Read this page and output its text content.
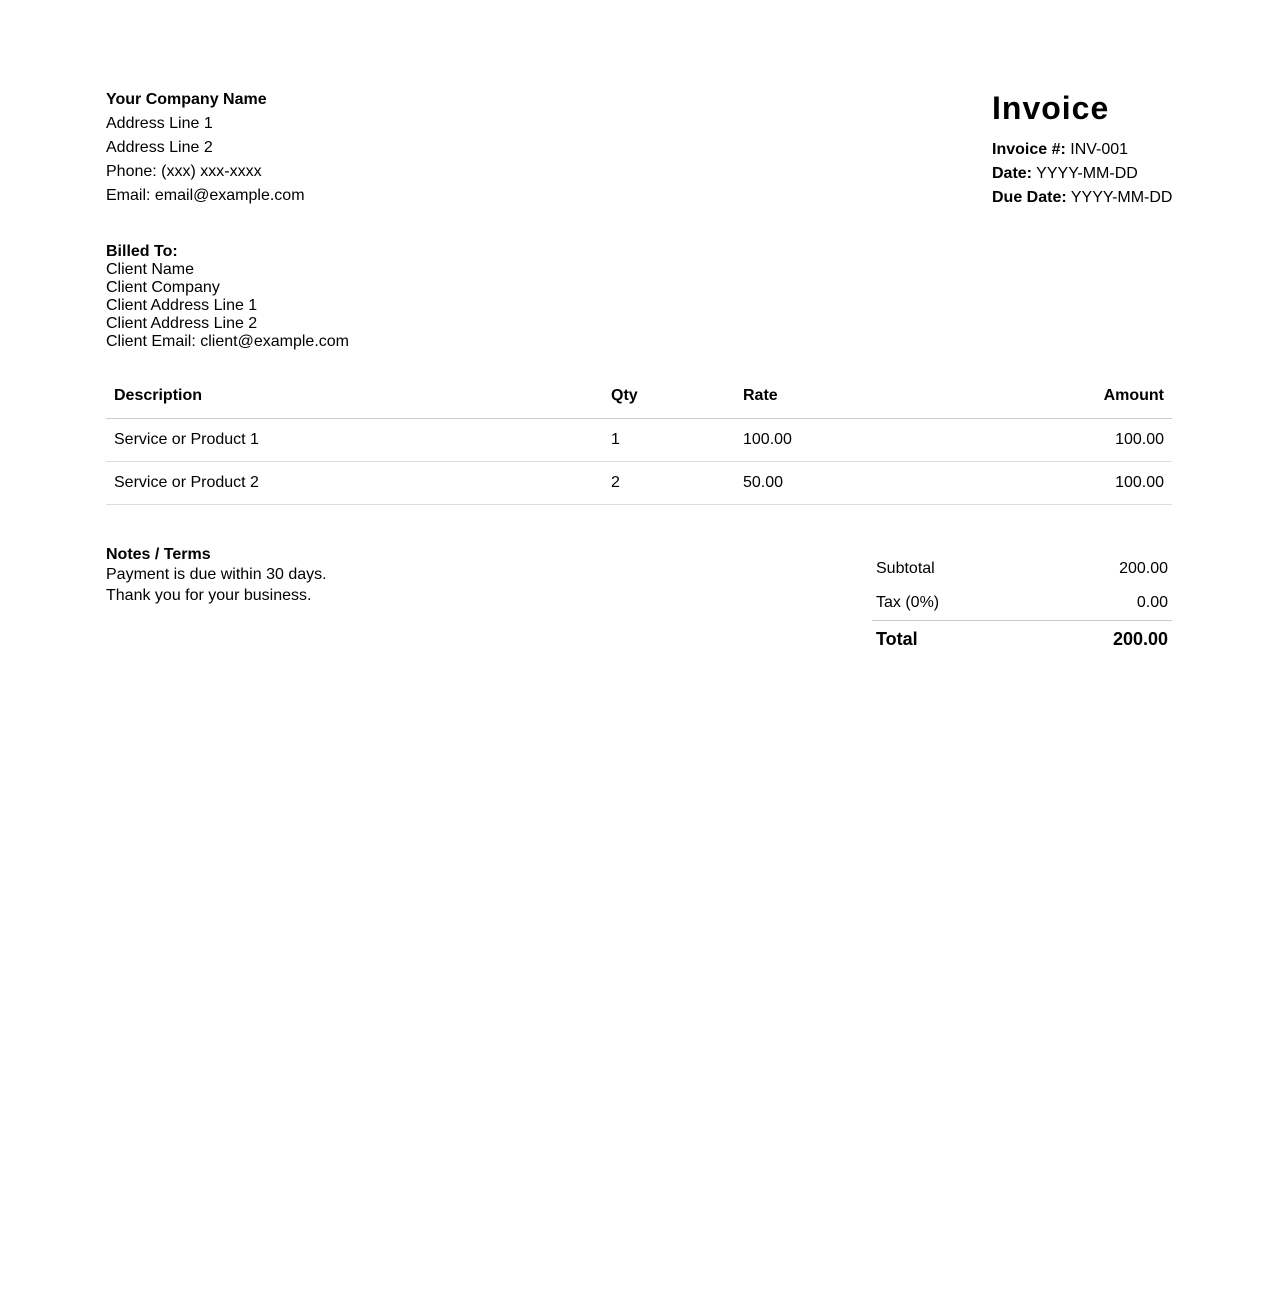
Your Company Name
Address Line 1
Address Line 2
Phone: (xxx) xxx-xxxx
Email: email@example.com
Invoice
Invoice #: INV-001
Date: YYYY-MM-DD
Due Date: YYYY-MM-DD
Billed To:
Client Name
Client Company
Client Address Line 1
Client Address Line 2
Client Email: client@example.com
Description	Qty	Rate	Amount
Service or Product 1	1	100.00	100.00
Service or Product 2	2	50.00	100.00
Notes / Terms
Payment is due within 30 days.
Thank you for your business.
Subtotal	200.00
Tax (0%)	0.00
Total	200.00
